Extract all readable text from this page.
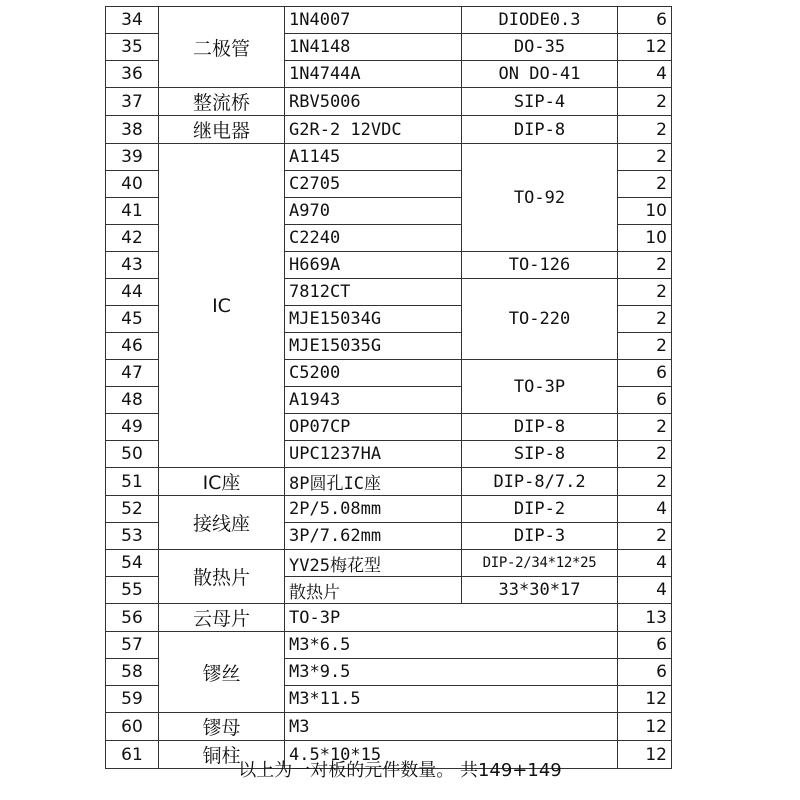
34	二极管	1N4007	DIODE0.3	6
35		1N4148	DO-35	12
36		1N4744A	ON DO-41	4
37	整流桥	RBV5006	SIP-4	2
38	继电器	G2R-2 12VDC	DIP-8	2
39	IC	A1145	TO-92	2
40		C2705		2
41		A970		10
42		C2240		10
43		H669A	TO-126	2
44		7812CT	TO-220	2
45		MJE15034G		2
46		MJE15035G		2
47		C5200	TO-3P	6
48		A1943		6
49		OP07CP	DIP-8	2
50		UPC1237HA	SIP-8	2
51	IC座	8P圆孔IC座	DIP-8/7.2	2
52	接线座	2P/5.08mm	DIP-2	4
53		3P/7.62mm	DIP-3	2
54	散热片	YV25梅花型	DIP-2/34*12*25	4
55		散热片	33*30*17	4
56	云母片	TO-3P		13
57	镠丝	M3*6.5		6
58		M3*9.5		6
59		M3*11.5		12
60	镠母	M3		12
61	铜柱	4.5*10*15		12
以上为一对板的元件数量。 共149+149
